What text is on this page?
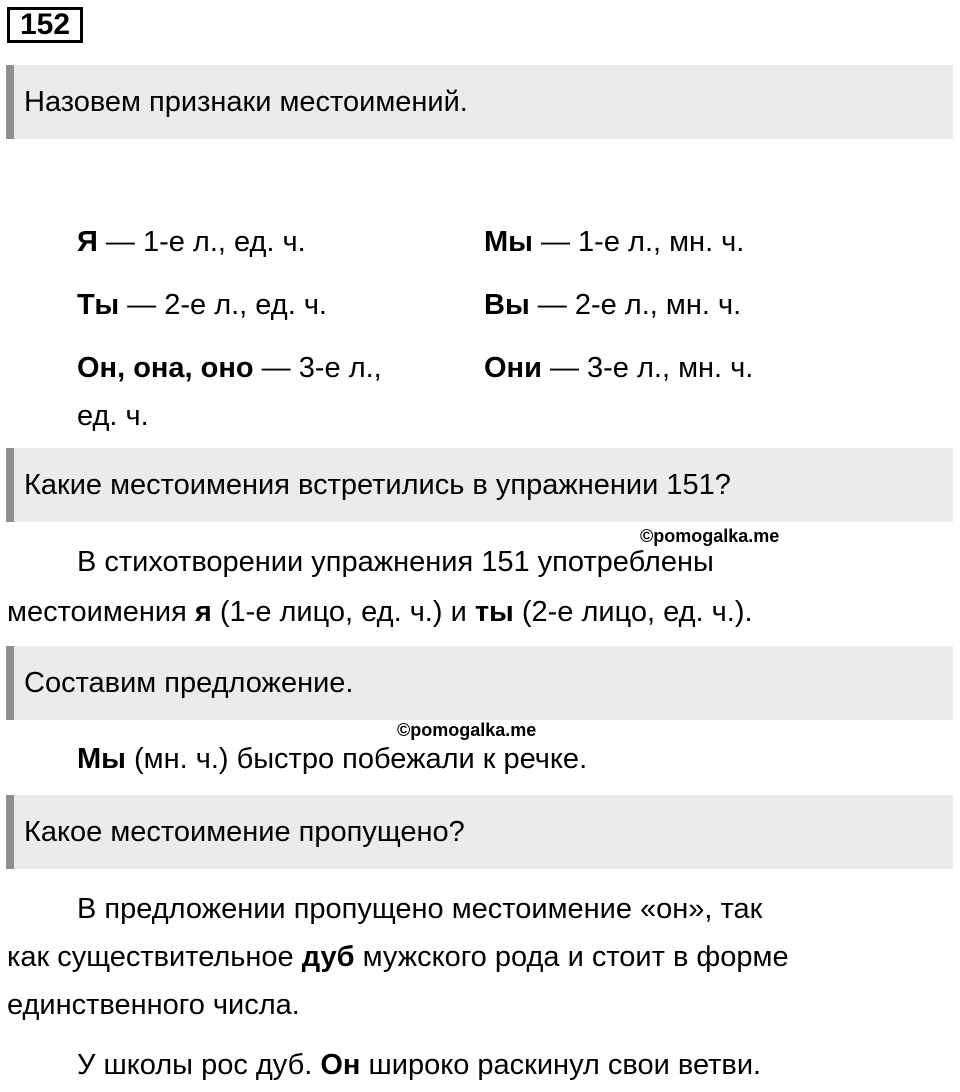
152
Назовем признаки местоимений.
Я — 1-е л., ед. ч.	Мы — 1-е л., мн. ч.
Ты — 2-е л., ед. ч.	Вы — 2-е л., мн. ч.
Он, она, оно — 3-е л.,
ед. ч.
Они — 3-е л., мн. ч.
Какие местоимения встретились в упражнении 151?
©pomogalka.me
В стихотворении упражнения 151 употреблены
местоимения я (1-е лицо, ед. ч.) и ты (2-е лицо, ед. ч.).
Составим предложение.
©pomogalka.me
Мы (мн. ч.) быстро побежали к речке.
Какое местоимение пропущено?
В предложении пропущено местоимение «он», так
как существительное дуб мужского рода и стоит в форме
единственного числа.
У школы рос дуб. Он широко раскинул свои ветви.
